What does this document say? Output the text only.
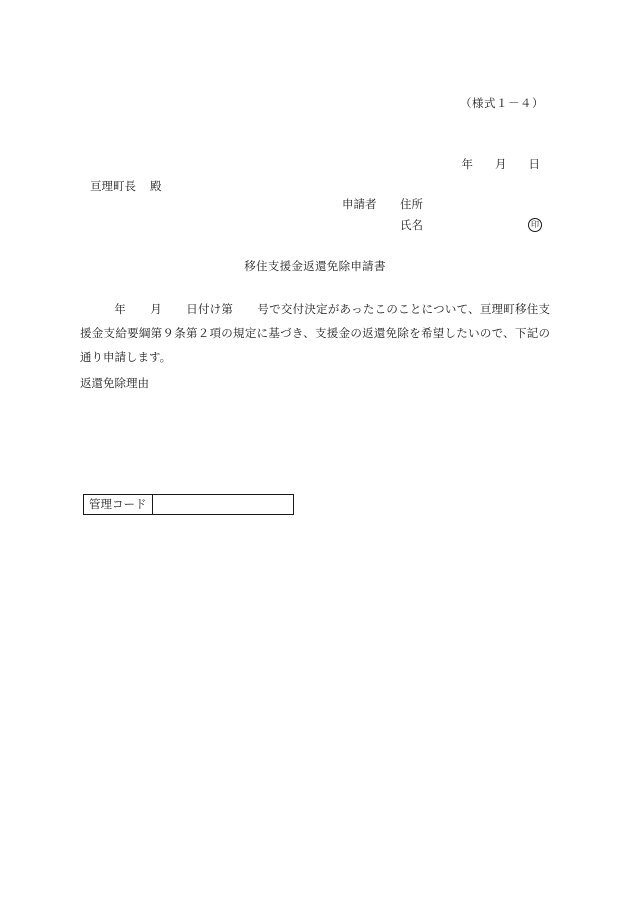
（様式１－４）
年 月 日
亘理町長 殿
申請者 住所
氏名	印
移住支援金返還免除申請書
年 月 日付け第 号で交付決定があったこのことについて、亘理町移住支援金支給要綱第９条第２項の規定に基づき、支援金の返還免除を希望したいので、下記の通り申請します。
返還免除理由
管理コード	
